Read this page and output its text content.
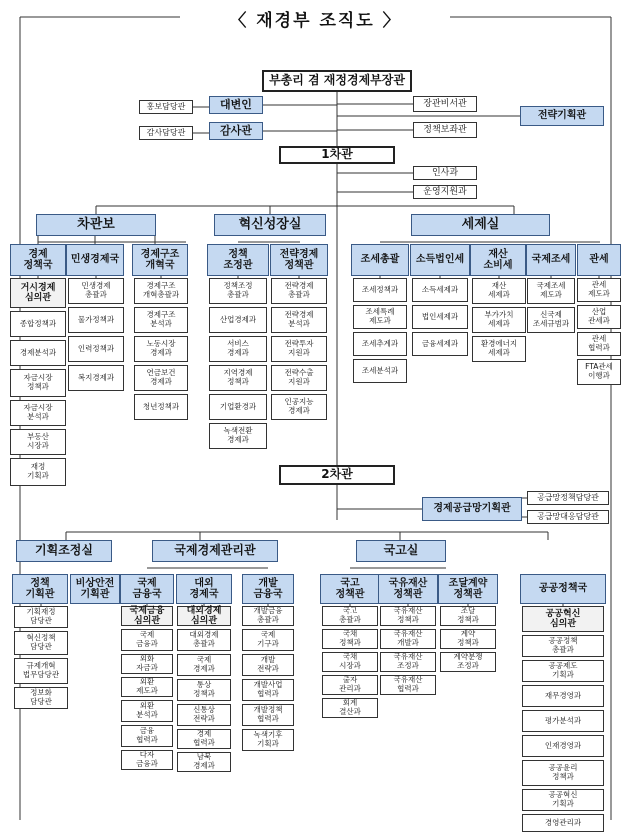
〈 재경부 조직도 〉
부총리 겸 재정경제부장관
대변인
홍보담당관	장관비서관
전략기획관
감사관
감사담당관	정책보좌관
1차관
인사과
운영지원과
차관보	혁신성장실	세제실
경제
정책국
거시경제
심의관
종합정책과
경제분석과
자금시장
정책과
자금시장
분석과
부동산
시장과
재정
기획과
민생경제국
민생경제
총괄과
물가정책과
인력정책과
복지경제과
경제구조
개혁국
경제구조
개혁총괄과
경제구조
분석과
노동시장
경제과
연금보건
경제과
청년정책과
정책
조정관
정책조정
총괄과
산업경제과
서비스
경제과
지역경제
정책과
기업환경과
녹색전환
경제과
전략경제
정책관
전략경제
총괄과
전략경제
분석과
전략투자
지원과
전략수출
지원과
인공지능
경제과
조세총괄
조세정책과
조세특례
제도과
조세추계과
조세분석과
소득법인세
소득세제과
법인세제과
금융세제과
재산
소비세
재산
세제과
부가가치
세제과
환경에너지
세제과
국제조세
국제조세
제도과
신국제
조세규범과
관세
관세
제도과
산업
관세과
관세
협력과
FTA관세
이행과
2차관
경제공급망기획관
공급망정책담당관
공급망대응담당관
기획조정실	국제경제관리관	국고실
정책
기획관
기획재정
담당관
혁신정책
담당관
규제개혁
법무담당관
정보화
담당관
비상안전
기획관
국제
금융국
국제금융
심의관
국제
금융과
외화
자금과
외환
제도과
외환
분석과
금융
협력과
다자
금융과
대외
경제국
대외경제
심의관
대외경제
총괄과
국제
경제과
통상
정책과
신통상
전략과
경제
협력과
남북
경제과
개발
금융국
개발금융
총괄과
국제
기구과
개발
전략과
개발사업
협력과
개발정책
협력과
녹색기후
기획과
국고
정책관
국고
총괄과
국채
정책과
국채
시장과
출자
관리과
회계
결산과
국유재산
정책관
국유재산
정책과
국유재산
개발과
국유재산
조정과
국유재산
협력과
조달계약
정책관
조달
정책과
계약
정책과
계약분쟁
조정과
공공정책국
공공혁신
심의관
공공정책
총괄과
공공제도
기획과
재무경영과
평가분석과
인재경영과
공공윤리
정책과
공공혁신
기획과
경영관리과
